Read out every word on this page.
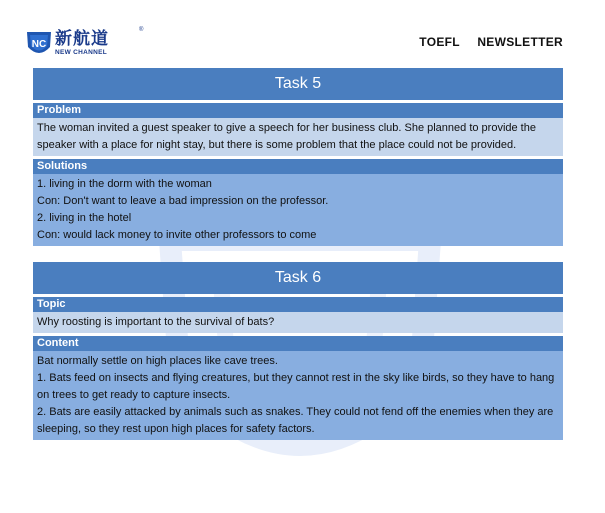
NC 新航道
NEW CHANNEL
®
TOEFL NEWSLETTER
Task 5
Problem
The woman invited a guest speaker to give a speech for her business club. She planned to provide the speaker with a place for night stay, but there is some problem that the place could not be provided.
Solutions
1. living in the dorm with the woman
Con: Don't want to leave a bad impression on the professor.
2. living in the hotel
Con: would lack money to invite other professors to come
Task 6
Topic
Why roosting is important to the survival of bats?
Content
Bat normally settle on high places like cave trees.
1. Bats feed on insects and flying creatures, but they cannot rest in the sky like birds, so they have to hang on trees to get ready to capture insects.
2. Bats are easily attacked by animals such as snakes. They could not fend off the enemies when they are sleeping, so they rest upon high places for safety factors.
